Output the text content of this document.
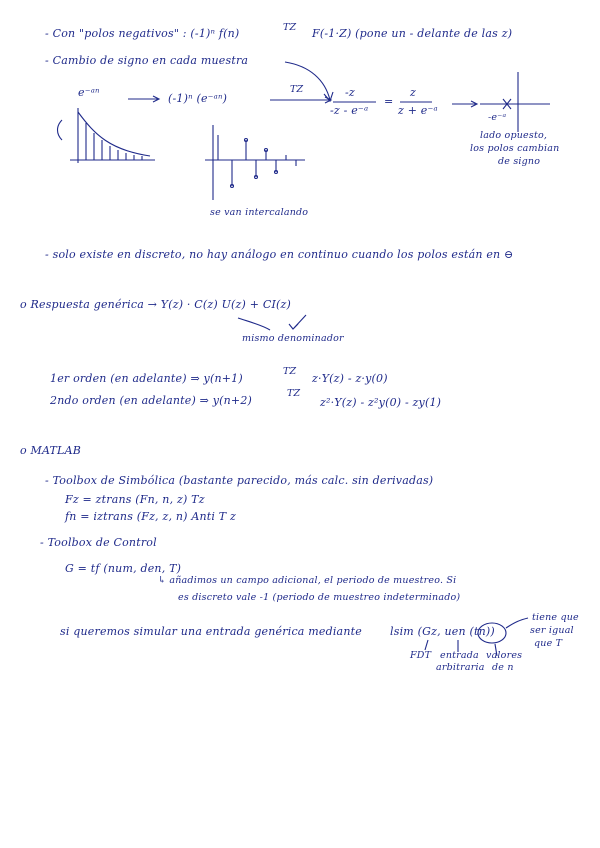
- Con "polos negativos" : (-1)ⁿ f(n)	TZ F(-1·Z) (pone un - delante de las z)
- Cambio de signo en cada muestra
e⁻ᵃⁿ	(-1)ⁿ (e⁻ᵃⁿ)
TZ	-z
-z - e⁻ᵃ
=
z
z + e⁻ᵃ
-e⁻ᵃ
lado opuesto,
los polos cambian
de signo
se van intercalando
- solo existe en discreto, no hay análogo en continuo cuando los polos están en ⊖
o Respuesta genérica → Y(z) · C(z) U(z) + CI(z)
mismo denominador
1er orden (en adelante) ⇒ y(n+1)
TZ
z·Y(z) - z·y(0)
2ndo orden (en adelante) ⇒ y(n+2)
TZ
z²·Y(z) - z²y(0) - zy(1)
o MATLAB
- Toolbox de Simbólica (bastante parecido, más calc. sin derivadas)
Fz = ztrans (Fn, n, z) Tz
fn = iztrans (Fz, z, n) Anti T z
- Toolbox de Control
G = tf (num, den, T)
↳ añadimos un campo adicional, el periodo de muestreo. Si
es discreto vale -1 (periodo de muestreo indeterminado)
si queremos simular una entrada genérica mediante	lsim (Gz, uen (tn))
FDT entrada
arbitraria
valores
de n
tiene que
ser igual
que T
